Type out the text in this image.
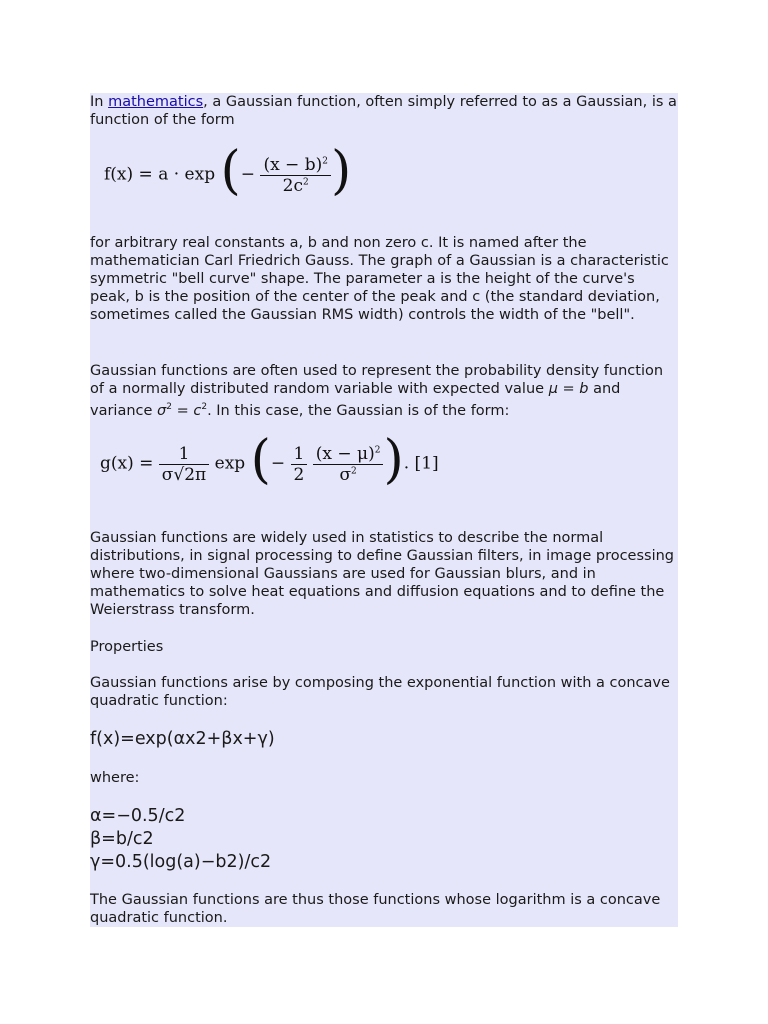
In mathematics, a Gaussian function, often simply referred to as a Gaussian, is a function of the form

f(x) = a · exp (− $\frac{(x - b)^2}{2c^2}$ )

for arbitrary real constants a, b and non zero c. It is named after the mathematician Carl Friedrich Gauss. The graph of a Gaussian is a characteristic symmetric "bell curve" shape. The parameter a is the height of the curve's peak, b is the position of the center of the peak and c (the standard deviation, sometimes called the Gaussian RMS width) controls the width of the "bell".

Gaussian functions are often used to represent the probability density function of a normally distributed random variable with expected value μ = b and variance $\sigma^2 = c^2$. In this case, the Gaussian is of the form:

$g(x) = \frac{1}{\sigma√2\pi}$ exp (− $\frac{1}{2}$
$\frac{(x - \mu)^2}{\sigma^2}$ ). [1]

Gaussian functions are widely used in statistics to describe the normal distributions, in signal processing to define Gaussian filters, in image processing where two-dimensional Gaussians are used for Gaussian blurs, and in mathematics to solve heat equations and diffusion equations and to define the Weierstrass transform.

Properties

Gaussian functions arise by composing the exponential function with a concave quadratic function:

f(x)=exp(αx2+βx+γ)

where:

α=−0.5/c2
β=b/c2
γ=0.5(log(a)−b2)/c2

The Gaussian functions are thus those functions whose logarithm is a concave quadratic function.
